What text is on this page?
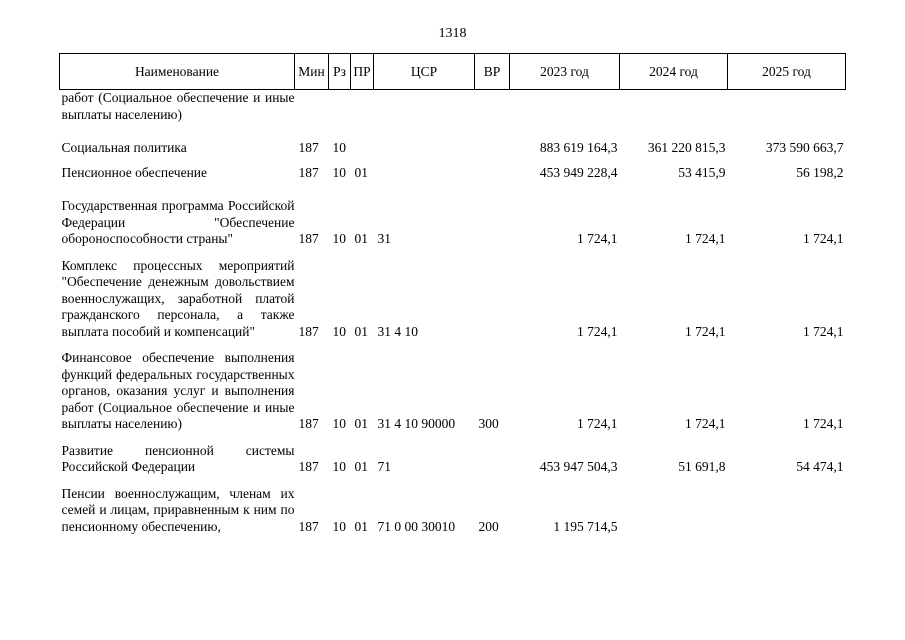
1318
Наименование	Мин	Рз	ПР	ЦСР	ВР	2023 год	2024 год	2025 год
работ (Социальное обеспечение и иные выплаты населению)								
Социальная политика	187	10				883 619 164,3	361 220 815,3	373 590 663,7
Пенсионное обеспечение	187	10	01			453 949 228,4	53 415,9	56 198,2
Государственная программа Российской Федерации "Обеспечение обороноспособности страны"	187	10	01	31		1 724,1	1 724,1	1 724,1
Комплекс процессных мероприятий "Обеспечение денежным довольствием военнослужащих, заработной платой гражданского персонала, а также выплата пособий и компенсаций"	187	10	01	31 4 10		1 724,1	1 724,1	1 724,1
Финансовое обеспечение выполнения функций федеральных государственных органов, оказания услуг и выполнения работ (Социальное обеспечение и иные выплаты населению)	187	10	01	31 4 10 90000	300	1 724,1	1 724,1	1 724,1
Развитие пенсионной системы Российской Федерации	187	10	01	71		453 947 504,3	51 691,8	54 474,1
Пенсии военнослужащим, членам их семей и лицам, приравненным к ним по пенсионному обеспечению,	187	10	01	71 0 00 30010	200	1 195 714,5		
